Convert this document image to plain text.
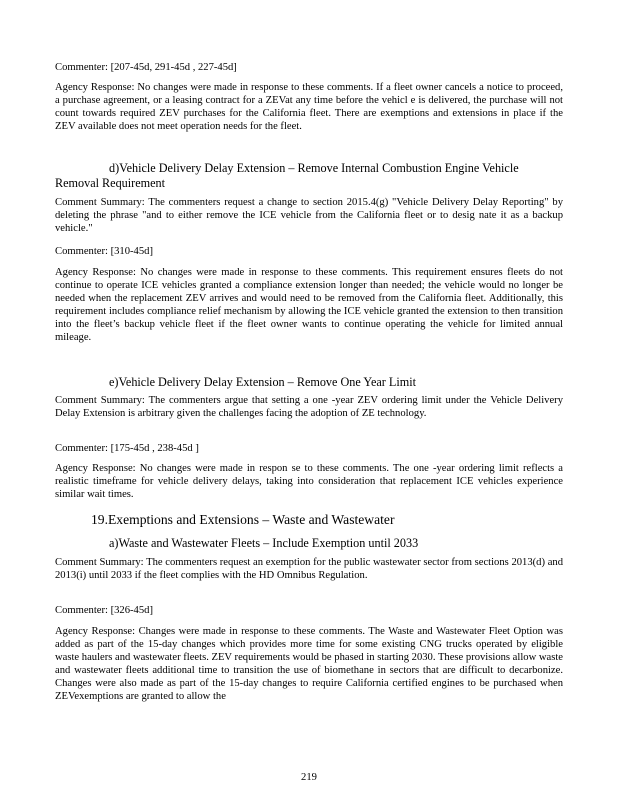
Commenter: [207-45d, 291-45d , 227-45d]

Agency Response: No changes were made in response to these comments. If a fleet owner cancels a notice to proceed, a purchase agreement, or a leasing contract for a ZEVat any time before the vehicl e is delivered, the purchase will not count towards required ZEV purchases for the California fleet. There are exemptions and extensions in place if the ZEV available does not meet operation needs for the fleet.

d)Vehicle Delivery Delay Extension – Remove Internal Combustion Engine Vehicle Removal Requirement

Comment Summary: The commenters request a change to section 2015.4(g) "Vehicle Delivery Delay Reporting" by deleting the phrase "and to either remove the ICE vehicle from the California fleet or to desig nate it as a backup vehicle."

Commenter: [310-45d]

Agency Response: No changes were made in response to these comments. This requirement ensures fleets do not continue to operate ICE vehicles granted a compliance extension longer than needed; the vehicle would no longer be needed when the replacement ZEV arrives and would need to be removed from the California fleet. Additionally, this requirement includes compliance relief mechanism by allowing the ICE vehicle granted the extension to then transition into the fleet’s backup vehicle fleet if the fleet owner wants to continue operating the vehicle for limited annual mileage.

e)Vehicle Delivery Delay Extension – Remove One Year Limit

Comment Summary: The commenters argue that setting a one -year ZEV ordering limit under the Vehicle Delivery Delay Extension is arbitrary given the challenges facing the adoption of ZE technology.

Commenter: [175-45d , 238-45d ]

Agency Response: No changes were made in respon se to these comments. The one -year ordering limit reflects a realistic timeframe for vehicle delivery delays, taking into consideration that replacement ICE vehicles experience similar wait times.

19.Exemptions and Extensions – Waste and Wastewater

a)Waste and Wastewater Fleets – Include Exemption until 2033

Comment Summary: The commenters request an exemption for the public wastewater sector from sections 2013(d) and 2013(i) until 2033 if the fleet complies with the HD Omnibus Regulation.

Commenter: [326-45d]

Agency Response: Changes were made in response to these comments. The Waste and Wastewater Fleet Option was added as part of the 15-day changes which provides more time for some existing CNG trucks operated by eligible waste haulers and wastewater fleets. ZEV requirements would be phased in starting 2030. These provisions allow waste and wastewater fleets additional time to transition the use of biomethane in sectors that are difficult to decarbonize. Changes were also made as part of the 15-day changes to require California certified engines to be purchased when ZEVexemptions are granted to allow the

219
